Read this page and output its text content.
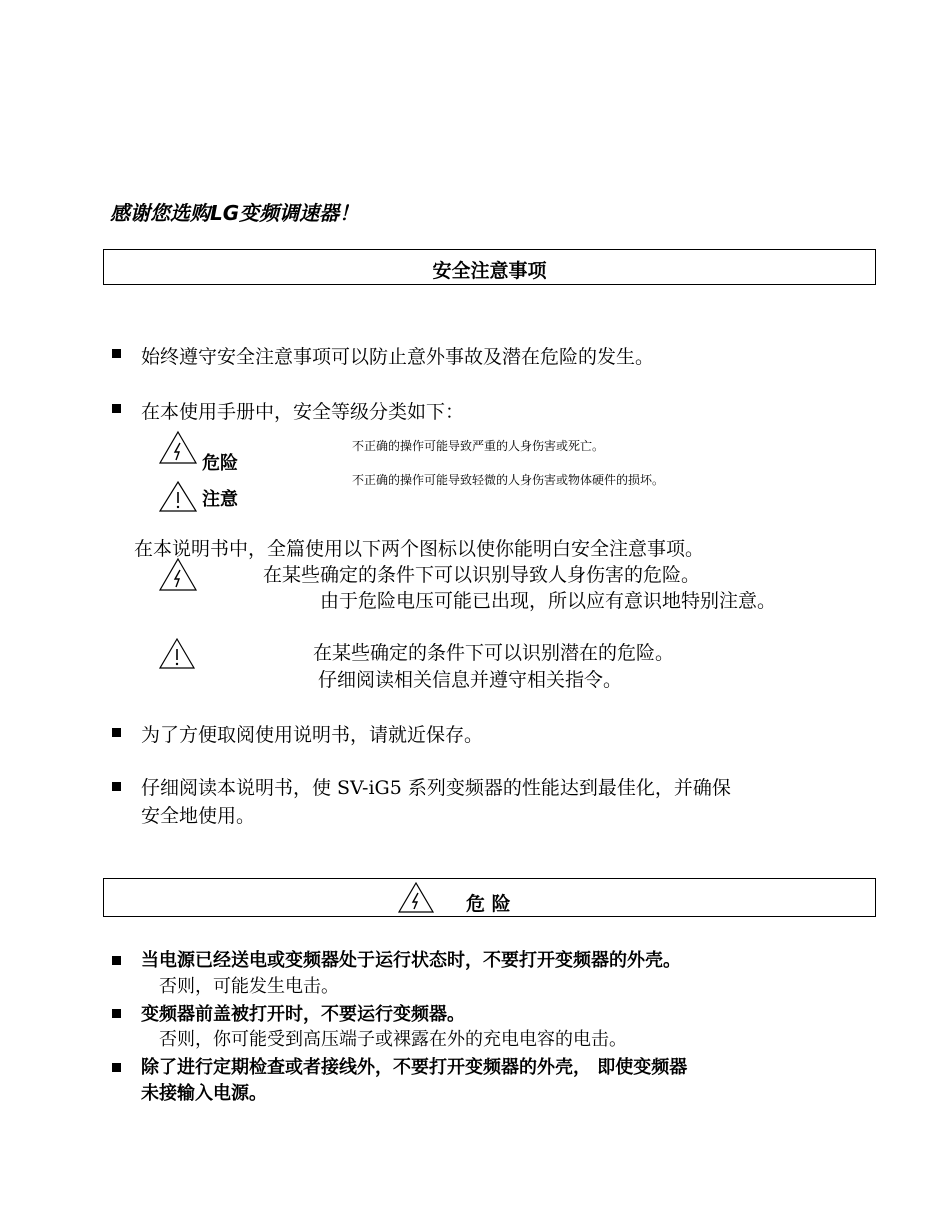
感谢您选购LG变频调速器！
安全注意事项
始终遵守安全注意事项可以防止意外事故及潜在危险的发生。
在本使用手册中，安全等级分类如下：
危险
不正确的操作可能导致严重的人身伤害或死亡。
注意
不正确的操作可能导致轻微的人身伤害或物体硬件的损坏。
在本说明书中，全篇使用以下两个图标以使你能明白安全注意事项。
在某些确定的条件下可以识别导致人身伤害的危险。
由于危险电压可能已出现，所以应有意识地特别注意。
在某些确定的条件下可以识别潜在的危险。
仔细阅读相关信息并遵守相关指令。
为了方便取阅使用说明书，请就近保存。
仔细阅读本说明书，使 SV-iG5 系列变频器的性能达到最佳化，并确保
安全地使用。
危 险
当电源已经送电或变频器处于运行状态时，不要打开变频器的外壳。
否则，可能发生电击。
变频器前盖被打开时，不要运行变频器。
否则，你可能受到高压端子或裸露在外的充电电容的电击。
除了进行定期检查或者接线外，不要打开变频器的外壳， 即使变频器
未接输入电源。
